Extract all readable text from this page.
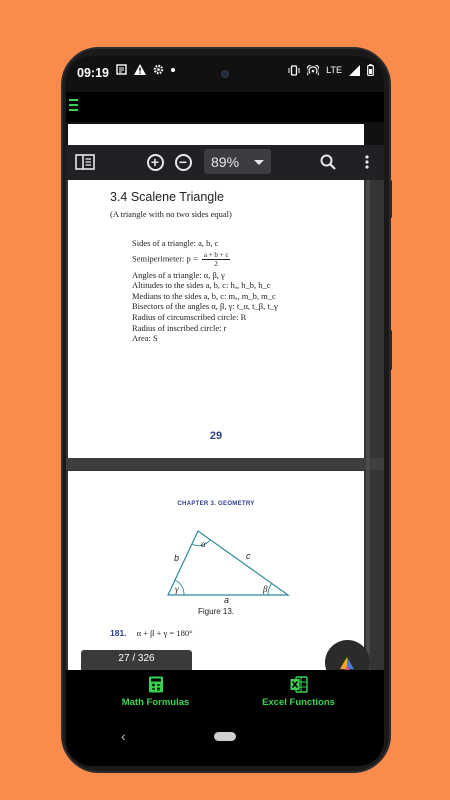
09:19	LTE
+	−	89%
3.4 Scalene Triangle
(A triangle with no two sides equal)
Sides of a triangle: a, b, c
Semiperimeter: $p = \frac{a + b + c}{2}$
Angles of a triangle: α, β, γ
Altitudes to the sides a, b, c: hₐ, h_b, h_c
Medians to the sides a, b, c: mₐ, m_b, m_c
Bisectors of the angles α, β, γ: t_α, t_β, t_γ
Radius of circumscribed circle: R
Radius of inscribed circle: r
Area: S
29
CHAPTER 3. GEOMETRY
α
γ	β
b	c
a
Figure 13.
181. α + β + γ = 180°
27 / 326
Math Formulas	Excel Functions
‹
